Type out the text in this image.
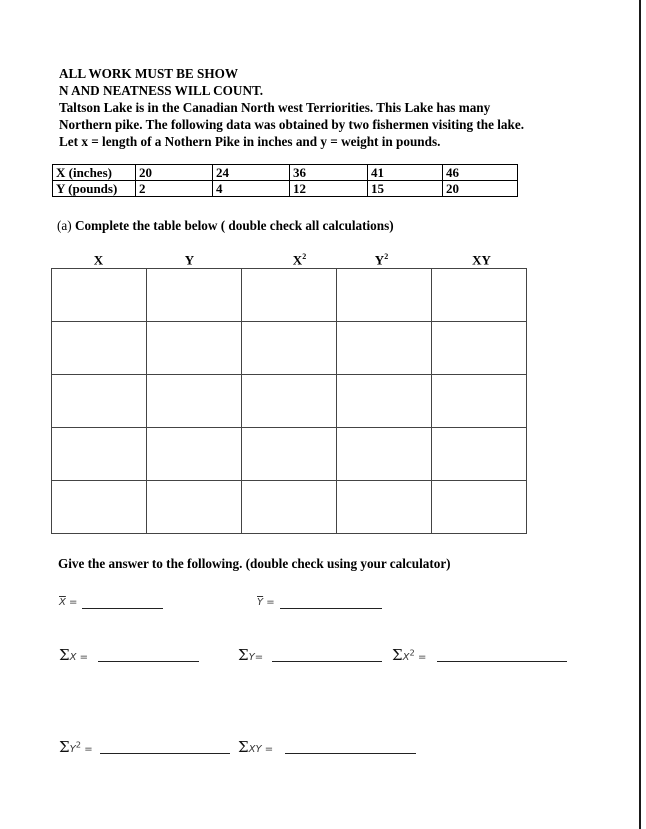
ALL WORK MUST BE SHOW
N AND NEATNESS WILL COUNT.
Taltson Lake is in the Canadian North west Terriorities. This Lake has many
Northern pike. The following data was obtained by two fishermen visiting the lake.
Let x = length of a Nothern Pike in inches and y = weight in pounds.
X (inches)	20	24	36	41	46
Y (pounds)	2	4	12	15	20
(a) Complete the table below ( double check all calculations)
X	Y	$X^2$	$Y^2$	XY

Give the answer to the following. (double check using your calculator)
$\overline{X}$ =	$\overline{Y}$ =
ΣX =	ΣY=	$\Sigma X^2$ =
$\Sigma Y^2$ =	ΣXY =
